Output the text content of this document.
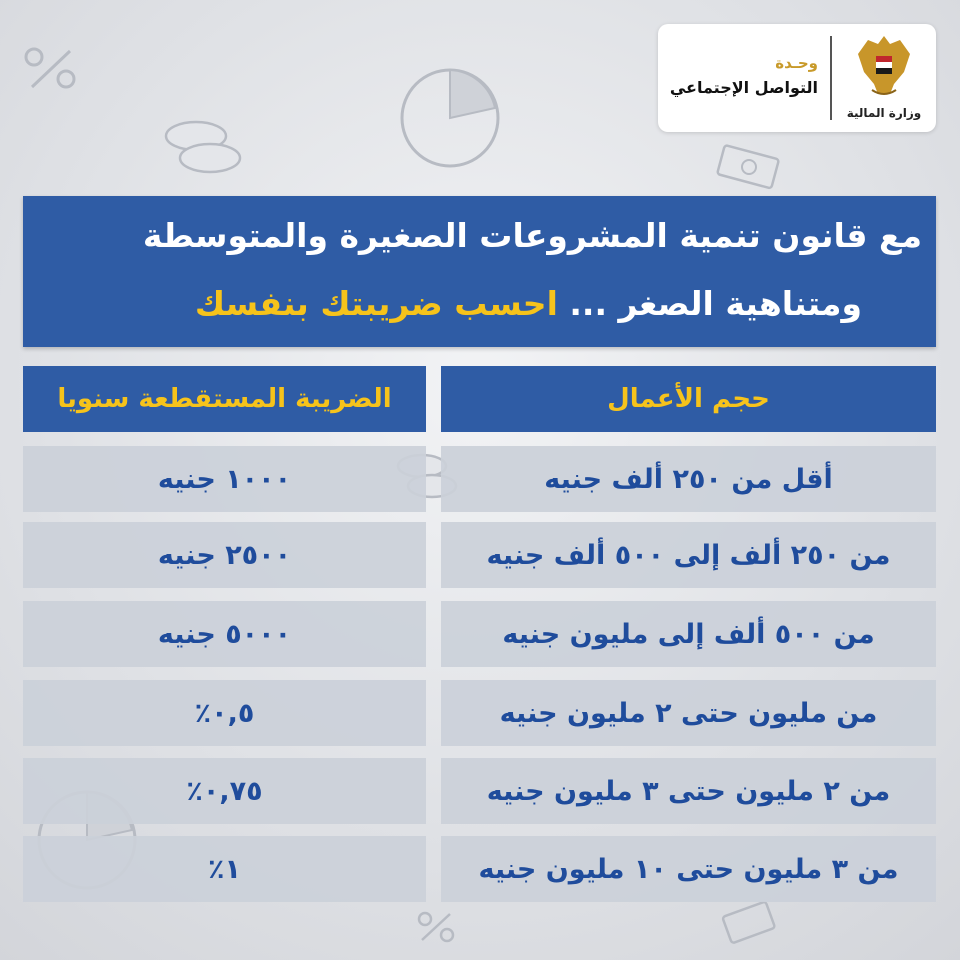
وحـدة
التواصل الإجتماعي
وزارة المالية
مع قانون تنمية المشروعات الصغيرة والمتوسطة
ومتناهية الصغر ... احسب ضريبتك بنفسك
حجم الأعمال
الضريبة المستقطعة سنويا
أقل من ٢٥٠ ألف جنيه
١٠٠٠ جنيه
من ٢٥٠ ألف إلى ٥٠٠ ألف جنيه
٢٥٠٠ جنيه
من ٥٠٠ ألف إلى مليون جنيه
٥٠٠٠ جنيه
من مليون حتى ٢ مليون جنيه
٠,٥٪
من ٢ مليون حتى ٣ مليون جنيه
٠,٧٥٪
من ٣ مليون حتى ١٠ مليون جنيه
١٪
